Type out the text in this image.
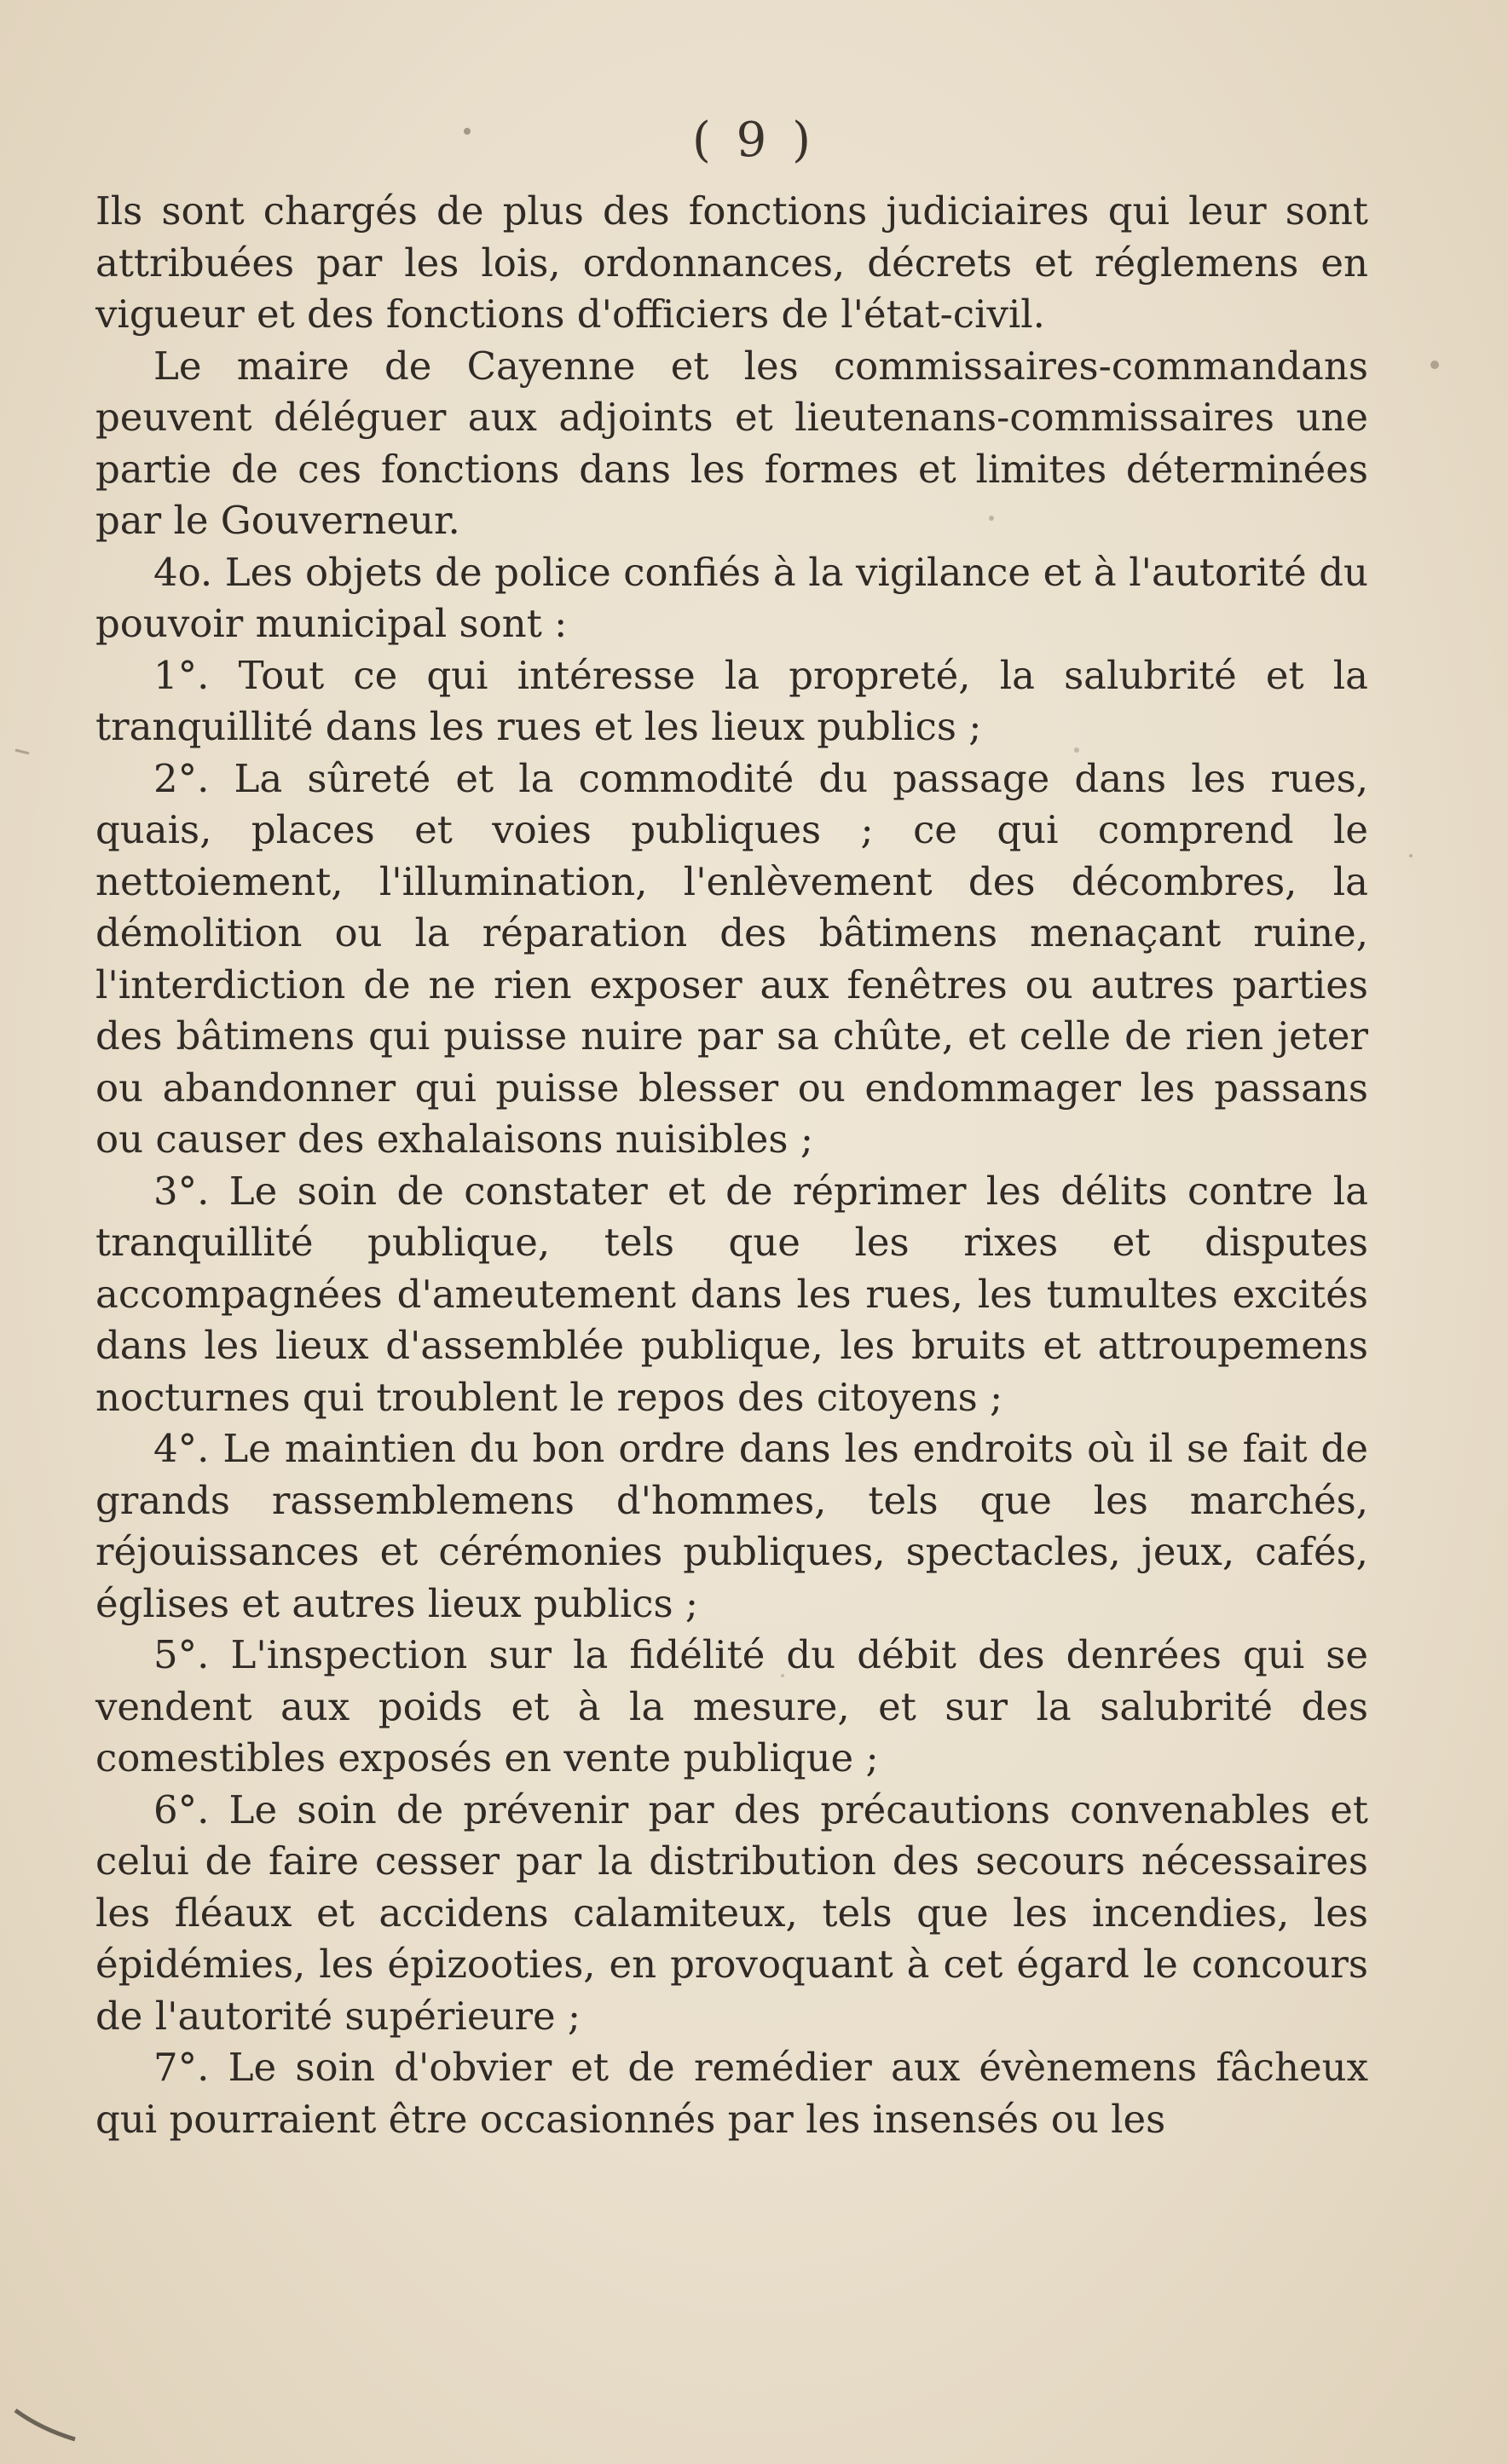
( 9 )

Ils sont chargés de plus des fonctions judiciaires qui leur sont attribuées par les lois, ordonnances, décrets et réglemens en vigueur et des fonctions d'officiers de l'état-civil.

Le maire de Cayenne et les commissaires-commandans peuvent déléguer aux adjoints et lieutenans-commissaires une partie de ces fonctions dans les formes et limites déterminées par le Gouverneur.

4o. Les objets de police confiés à la vigilance et à l'autorité du pouvoir municipal sont :

1°. Tout ce qui intéresse la propreté, la salubrité et la tranquillité dans les rues et les lieux publics ;

2°. La sûreté et la commodité du passage dans les rues, quais, places et voies publiques ; ce qui comprend le nettoiement, l'illumination, l'enlèvement des décombres, la démolition ou la réparation des bâtimens menaçant ruine, l'interdiction de ne rien exposer aux fenêtres ou autres parties des bâtimens qui puisse nuire par sa chûte, et celle de rien jeter ou abandonner qui puisse blesser ou endommager les passans ou causer des exhalaisons nuisibles ;

3°. Le soin de constater et de réprimer les délits contre la tranquillité publique, tels que les rixes et disputes accompagnées d'ameutement dans les rues, les tumultes excités dans les lieux d'assemblée publique, les bruits et attroupemens nocturnes qui troublent le repos des citoyens ;

4°. Le maintien du bon ordre dans les endroits où il se fait de grands rassemblemens d'hommes, tels que les marchés, réjouissances et cérémonies publiques, spectacles, jeux, cafés, églises et autres lieux publics ;

5°. L'inspection sur la fidélité du débit des denrées qui se vendent aux poids et à la mesure, et sur la salubrité des comestibles exposés en vente publique ;

6°. Le soin de prévenir par des précautions convenables et celui de faire cesser par la distribution des secours nécessaires les fléaux et accidens calamiteux, tels que les incendies, les épidémies, les épizooties, en provoquant à cet égard le concours de l'autorité supérieure ;

7°. Le soin d'obvier et de remédier aux évènemens fâcheux qui pourraient être occasionnés par les insensés ou les
